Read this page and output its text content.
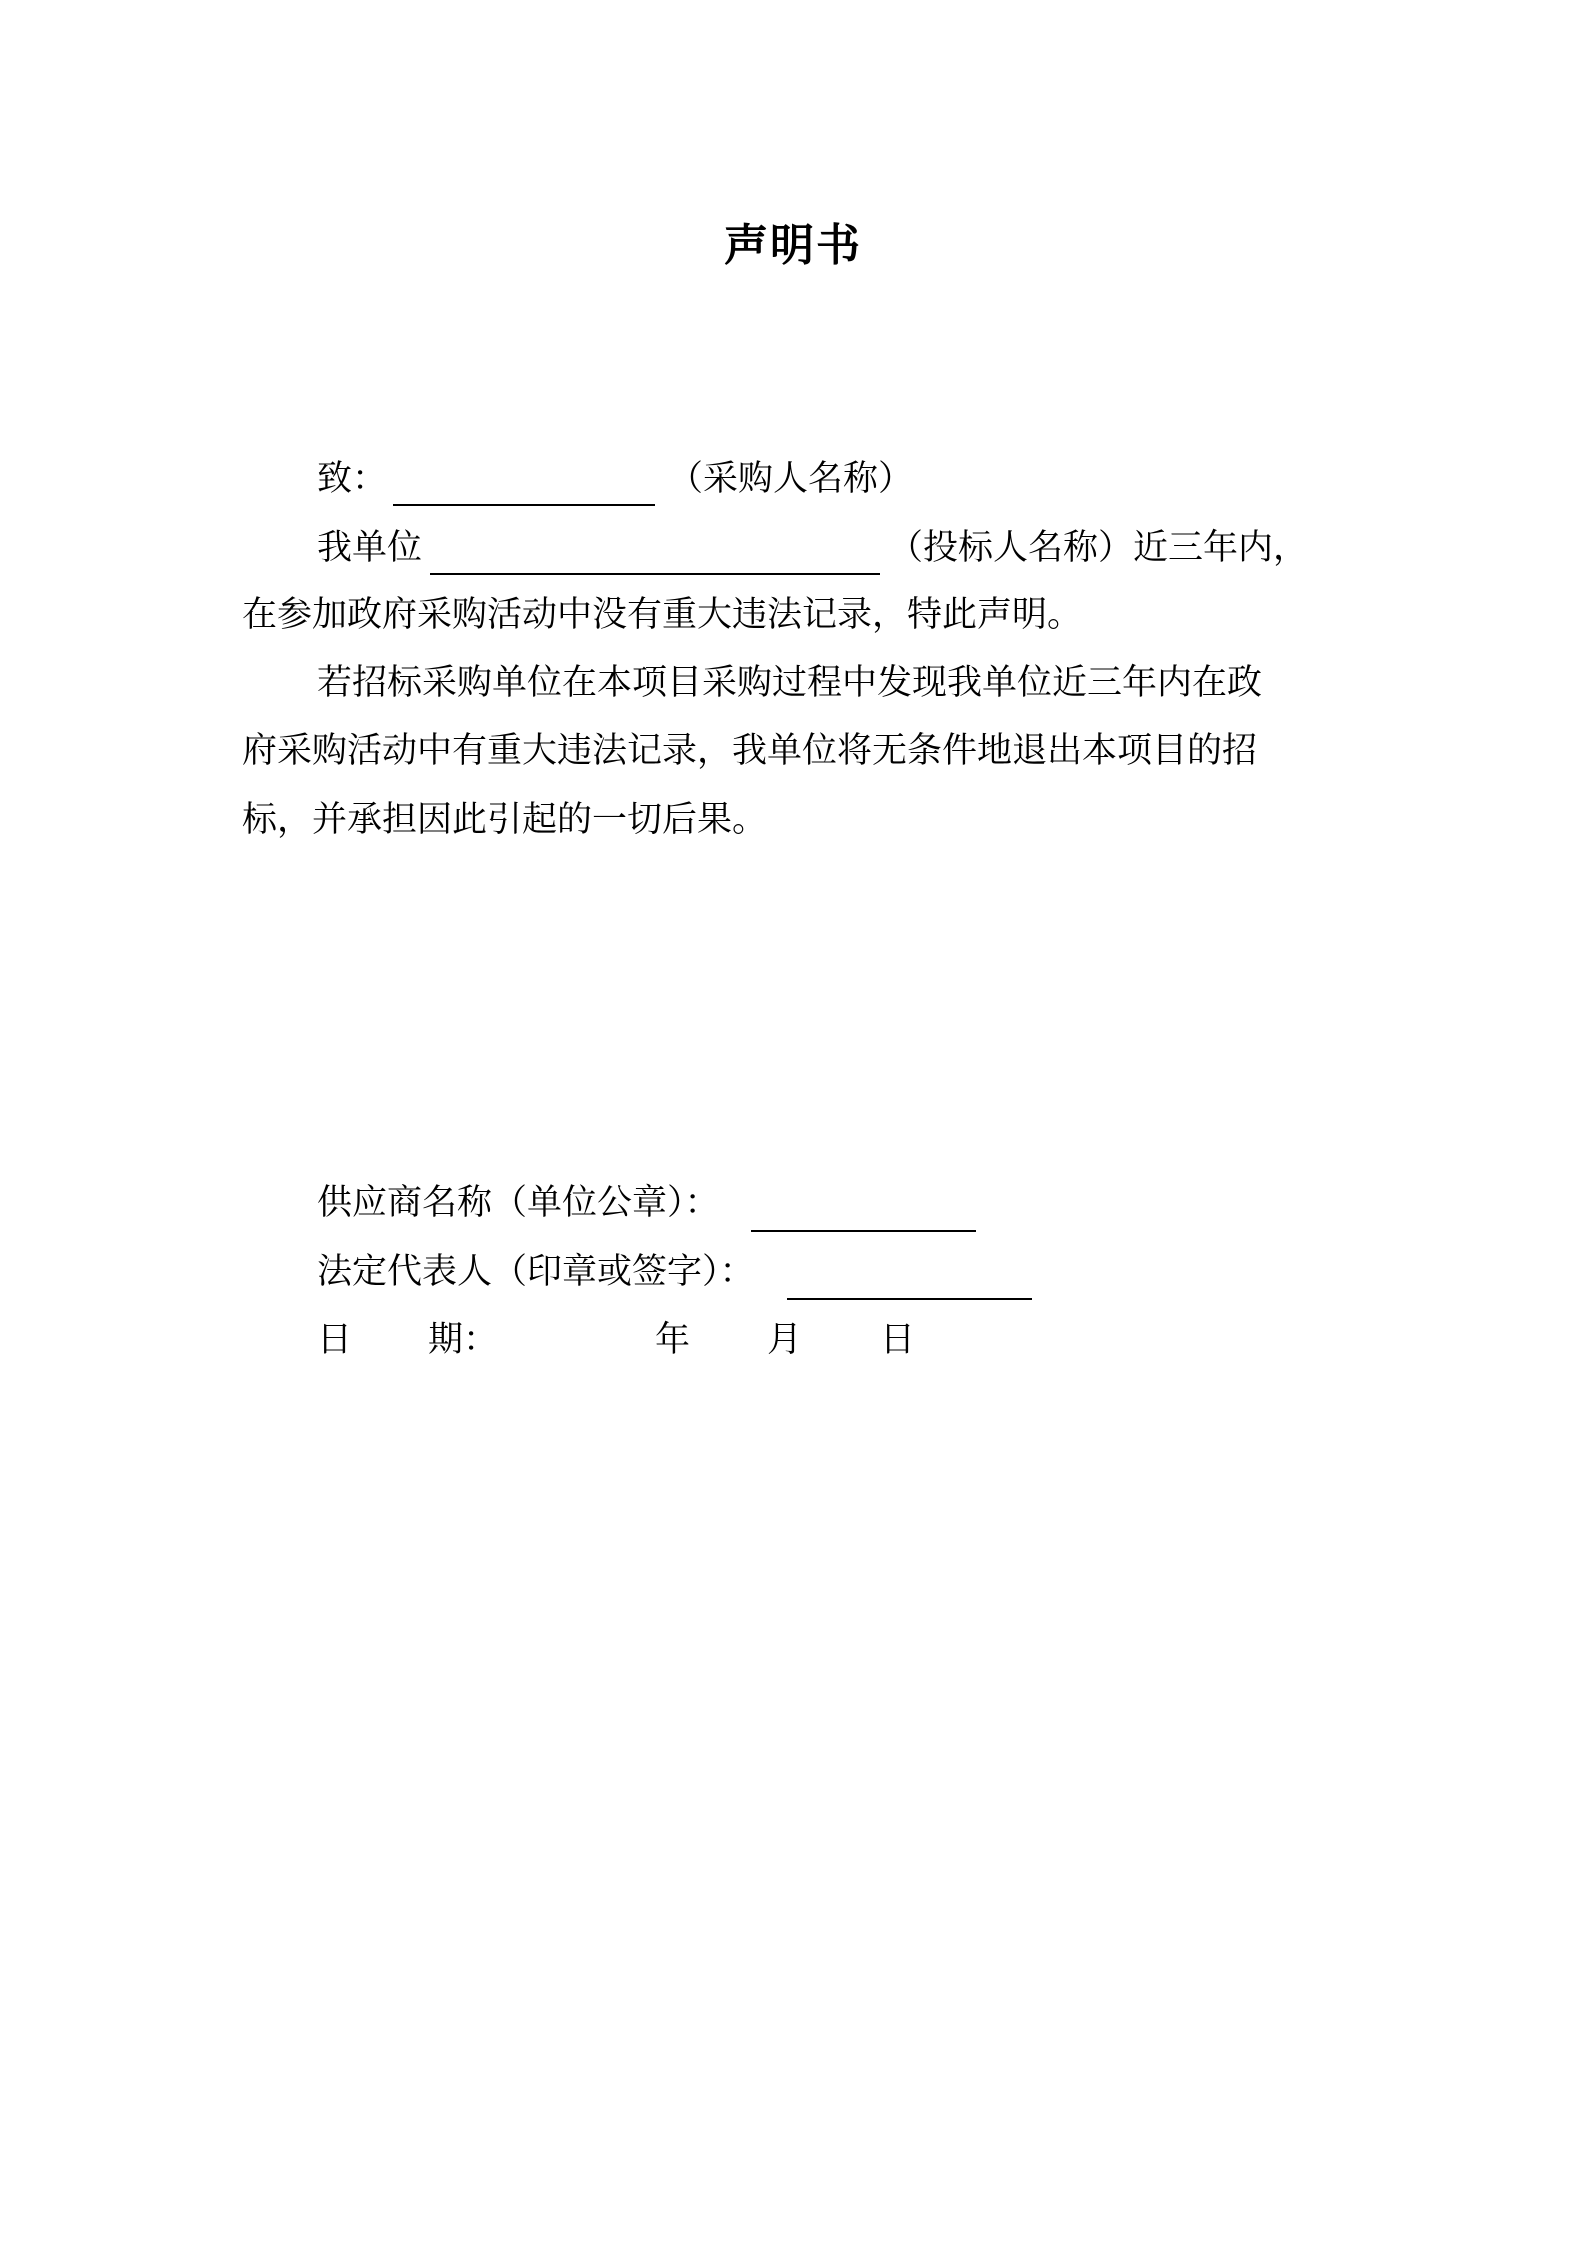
声明书
致：	（采购人名称）
我单位	（投标人名称）近三年内，
在参加政府采购活动中没有重大违法记录，特此声明。
若招标采购单位在本项目采购过程中发现我单位近三年内在政
府采购活动中有重大违法记录，我单位将无条件地退出本项目的招
标，并承担因此引起的一切后果。
供应商名称（单位公章）：
法定代表人（印章或签字）：
日 期：	年 月 日
